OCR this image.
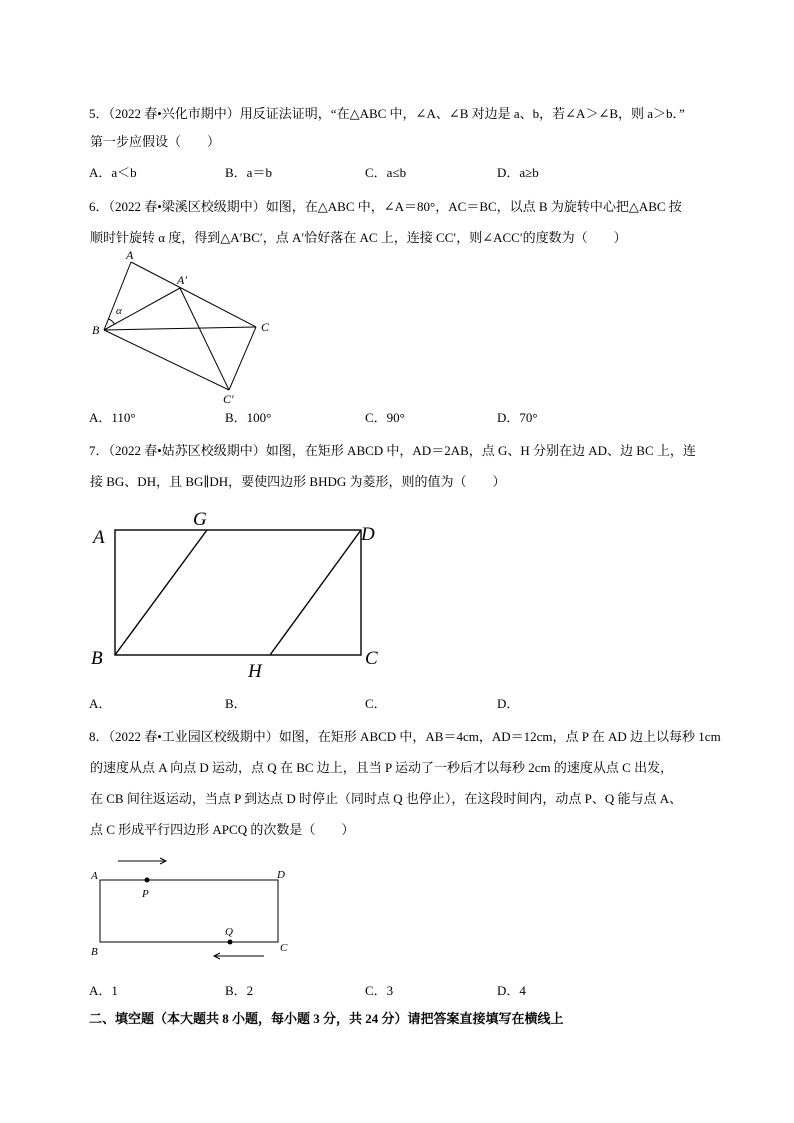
5．（2022 春•兴化市期中）用反证法证明，“在△ABC 中，∠A、∠B 对边是 a、b，若∠A＞∠B，则 a＞b．”
第一步应假设（　　）
A．a＜b	B．a＝b	C．a≤b	D．a≥b
6．（2022 春•梁溪区校级期中）如图，在△ABC 中，∠A＝80°，AC＝BC，以点 B 为旋转中心把△ABC 按
顺时针旋转 α 度，得到△A′BC′，点 A′恰好落在 AC 上，连接 CC′，则∠ACC′的度数为（　　）
A
A′
B	C
C′
α
A．110°	B．100°	C．90°	D．70°
7．（2022 春•姑苏区校级期中）如图，在矩形 ABCD 中，AD＝2AB，点 G、H 分别在边 AD、边 BC 上，连
接 BG、DH，且 BG∥DH，要使四边形 BHDG 为菱形，则的值为（　　）
A
G
D
B
H
C
A．	B．	C．	D．
8．（2022 春•工业园区校级期中）如图，在矩形 ABCD 中，AB＝4cm，AD＝12cm，点 P 在 AD 边上以每秒 1cm
的速度从点 A 向点 D 运动，点 Q 在 BC 边上，且当 P 运动了一秒后才以每秒 2cm 的速度从点 C 出发，
在 CB 间往返运动，当点 P 到达点 D 时停止（同时点 Q 也停止），在这段时间内，动点 P、Q 能与点 A、
点 C 形成平行四边形 APCQ 的次数是（　　）
A
P
D
B
Q
C
A．1	B．2	C．3	D．4
二、填空题（本大题共 8 小题，每小题 3 分，共 24 分）请把答案直接填写在横线上
